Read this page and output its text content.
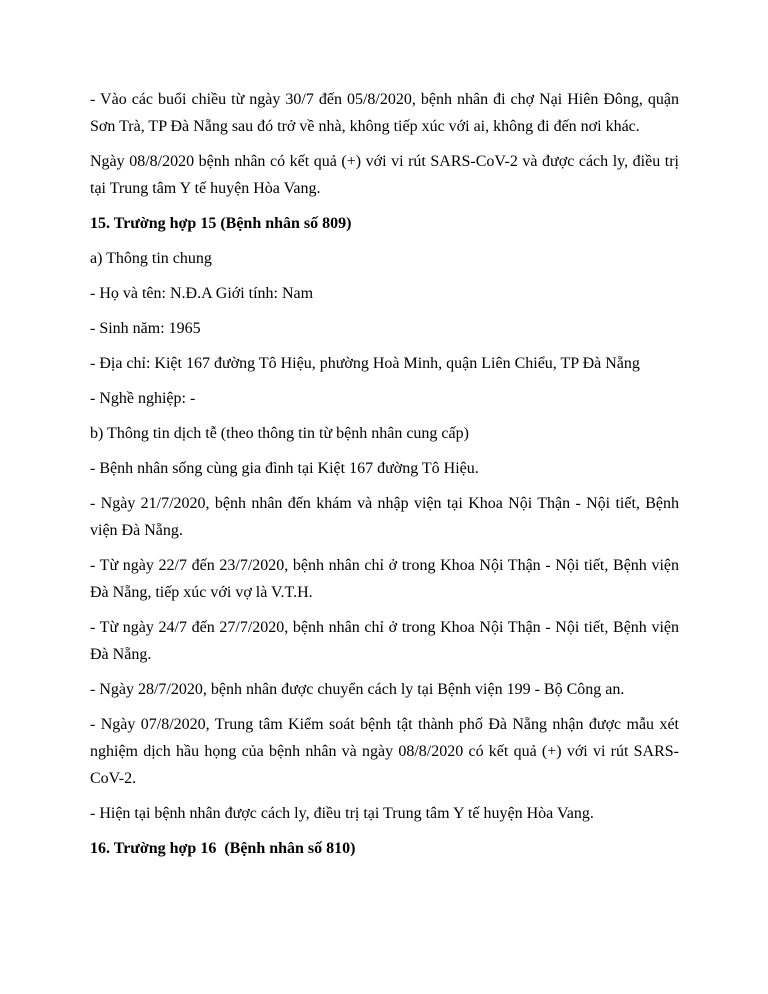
- Vào các buổi chiều từ ngày 30/7 đến 05/8/2020, bệnh nhân đi chợ Nại Hiên Đông, quận Sơn Trà, TP Đà Nẵng sau đó trở về nhà, không tiếp xúc với ai, không đi đến nơi khác.

Ngày 08/8/2020 bệnh nhân có kết quả (+) với vi rút SARS-CoV-2 và được cách ly, điều trị tại Trung tâm Y tế huyện Hòa Vang.

15. Trường hợp 15 (Bệnh nhân số 809)

a) Thông tin chung

- Họ và tên: N.Đ.A Giới tính: Nam

- Sinh năm: 1965

- Địa chỉ: Kiệt 167 đường Tô Hiệu, phường Hoà Minh, quận Liên Chiểu, TP Đà Nẵng

- Nghề nghiệp: -

b) Thông tin dịch tễ (theo thông tin từ bệnh nhân cung cấp)

- Bệnh nhân sống cùng gia đình tại Kiệt 167 đường Tô Hiệu.

- Ngày 21/7/2020, bệnh nhân đến khám và nhập viện tại Khoa Nội Thận - Nội tiết, Bệnh viện Đà Nẵng.

- Từ ngày 22/7 đến 23/7/2020, bệnh nhân chỉ ở trong Khoa Nội Thận - Nội tiết, Bệnh viện Đà Nẵng, tiếp xúc với vợ là V.T.H.

- Từ ngày 24/7 đến 27/7/2020, bệnh nhân chỉ ở trong Khoa Nội Thận - Nội tiết, Bệnh viện Đà Nẵng.

- Ngày 28/7/2020, bệnh nhân được chuyển cách ly tại Bệnh viện 199 - Bộ Công an.

- Ngày 07/8/2020, Trung tâm Kiểm soát bệnh tật thành phố Đà Nẵng nhận được mẫu xét nghiệm dịch hầu họng của bệnh nhân và ngày 08/8/2020 có kết quả (+) với vi rút SARS-CoV-2.

- Hiện tại bệnh nhân được cách ly, điều trị tại Trung tâm Y tế huyện Hòa Vang.

16. Trường hợp 16  (Bệnh nhân số 810)
